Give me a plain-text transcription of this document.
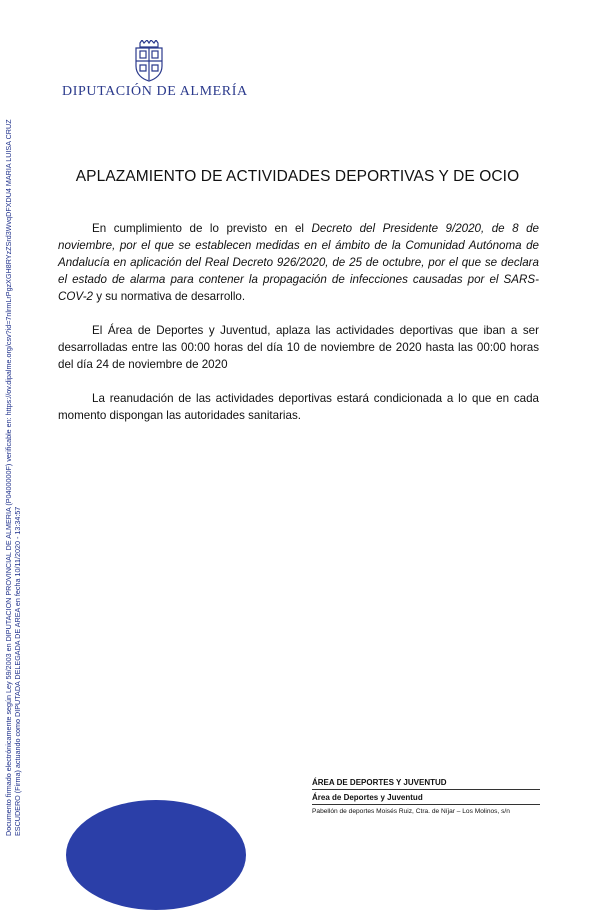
Documento firmado electrónicamente según Ley 59/2003 en DIPUTACION PROVINCIAL DE ALMERIA (P0400000F) verificable en: https://ov.dipalme.org/csv?id=7nlrmLrPgzXGH8RYzZSrd3WvqDFXDU4 MARIA LUISA CRUZ ESCUDERO (Firma) actuando como DIPUTADA DELEGADA DE AREA en fecha 10/11/2020 - 13:34:57
DIPUTACIÓN DE ALMERÍA
APLAZAMIENTO DE ACTIVIDADES DEPORTIVAS Y DE OCIO

En cumplimiento de lo previsto en el Decreto del Presidente 9/2020, de 8 de noviembre, por el que se establecen medidas en el ámbito de la Comunidad Autónoma de Andalucía en aplicación del Real Decreto 926/2020, de 25 de octubre, por el que se declara el estado de alarma para contener la propagación de infecciones causadas por el SARS-COV-2 y su normativa de desarrollo.

El Área de Deportes y Juventud, aplaza las actividades deportivas que iban a ser desarrolladas entre las 00:00 horas del día 10 de noviembre de 2020 hasta las 00:00 horas del día 24 de noviembre de 2020

La reanudación de las actividades deportivas estará condicionada a lo que en cada momento dispongan las autoridades sanitarias.

ÁREA DE DEPORTES Y JUVENTUD
Área de Deportes y Juventud
Pabellón de deportes Moisés Ruiz, Ctra. de Níjar – Los Molinos, s/n
